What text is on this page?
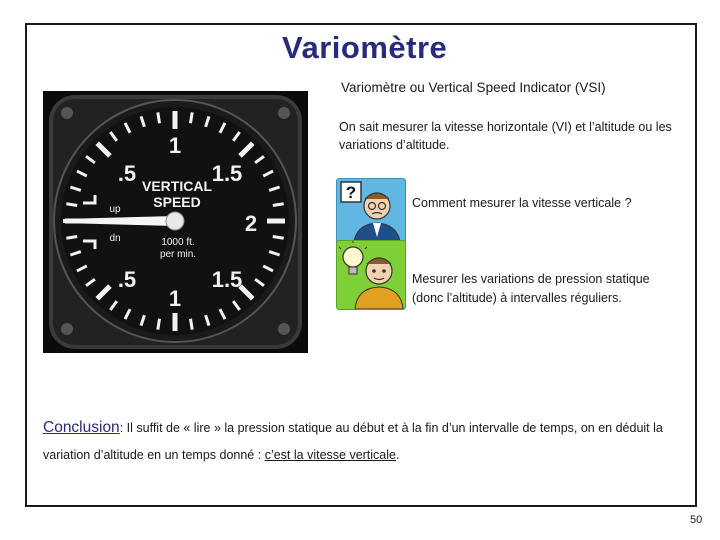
Variomètre
Variomètre ou Vertical Speed Indicator (VSI)
On sait mesurer la vitesse horizontale (VI) et l’altitude ou les variations d’altitude.
.5
1
1.5
2
1.5
1
.5
VERTICAL
SPEED
up
dn	1000 ft.
per min.
?
Comment mesurer la vitesse verticale ?
Mesurer les variations de pression statique (donc l’altitude) à intervalles réguliers.
Conclusion: Il suffit de « lire » la pression statique au début et à la fin d’un intervalle de temps, on en déduit la variation d’altitude en un temps donné : c’est la vitesse verticale.
50
